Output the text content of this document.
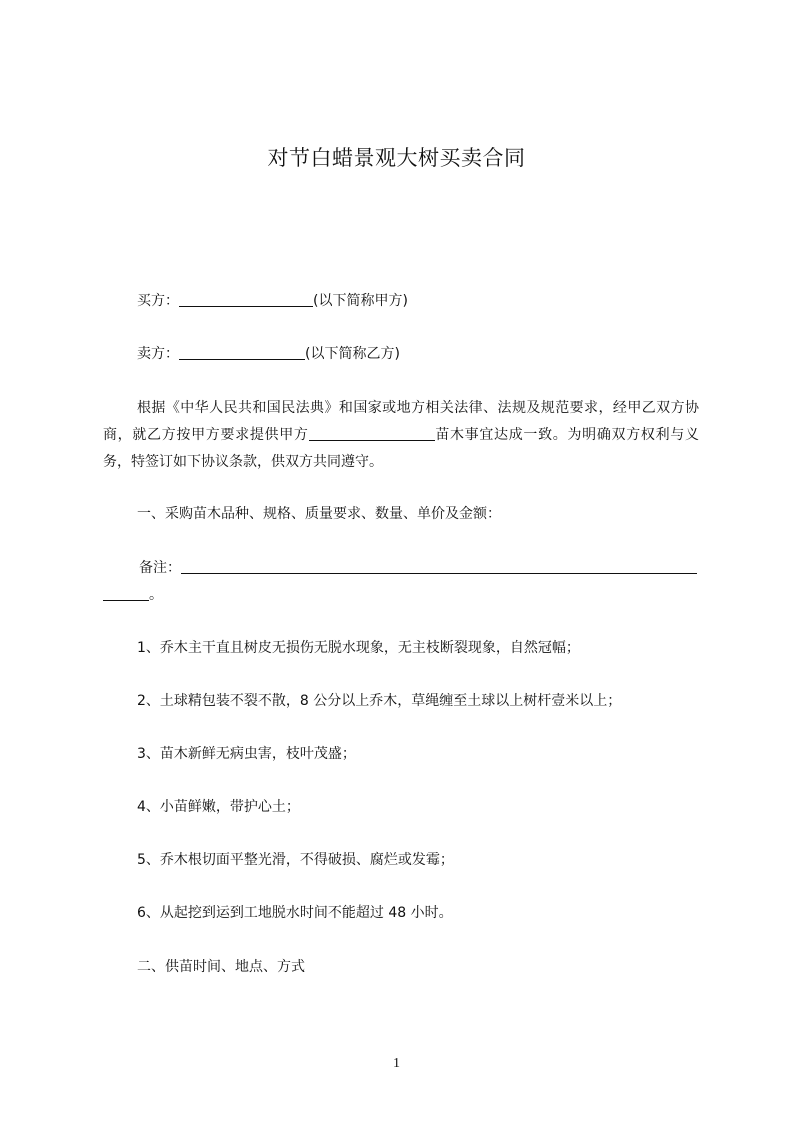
对节白蜡景观大树买卖合同
买方：	(以下简称甲方)
卖方：	(以下简称乙方)
根据《中华人民共和国民法典》和国家或地方相关法律、法规及规范要求，经甲乙双方协商，就乙方按甲方要求提供甲方	苗木事宜达成一致。为明确双方权利与义务，特签订如下协议条款，供双方共同遵守。
一、采购苗木品种、规格、质量要求、数量、单价及金额：
备注：
。
1、乔木主干直且树皮无损伤无脱水现象，无主枝断裂现象，自然冠幅；
2、土球精包装不裂不散，8 公分以上乔木，草绳缠至土球以上树杆壹米以上；
3、苗木新鲜无病虫害，枝叶茂盛；
4、小苗鲜嫩，带护心土；
5、乔木根切面平整光滑，不得破损、腐烂或发霉；
6、从起挖到运到工地脱水时间不能超过 48 小时。
二、供苗时间、地点、方式
1
